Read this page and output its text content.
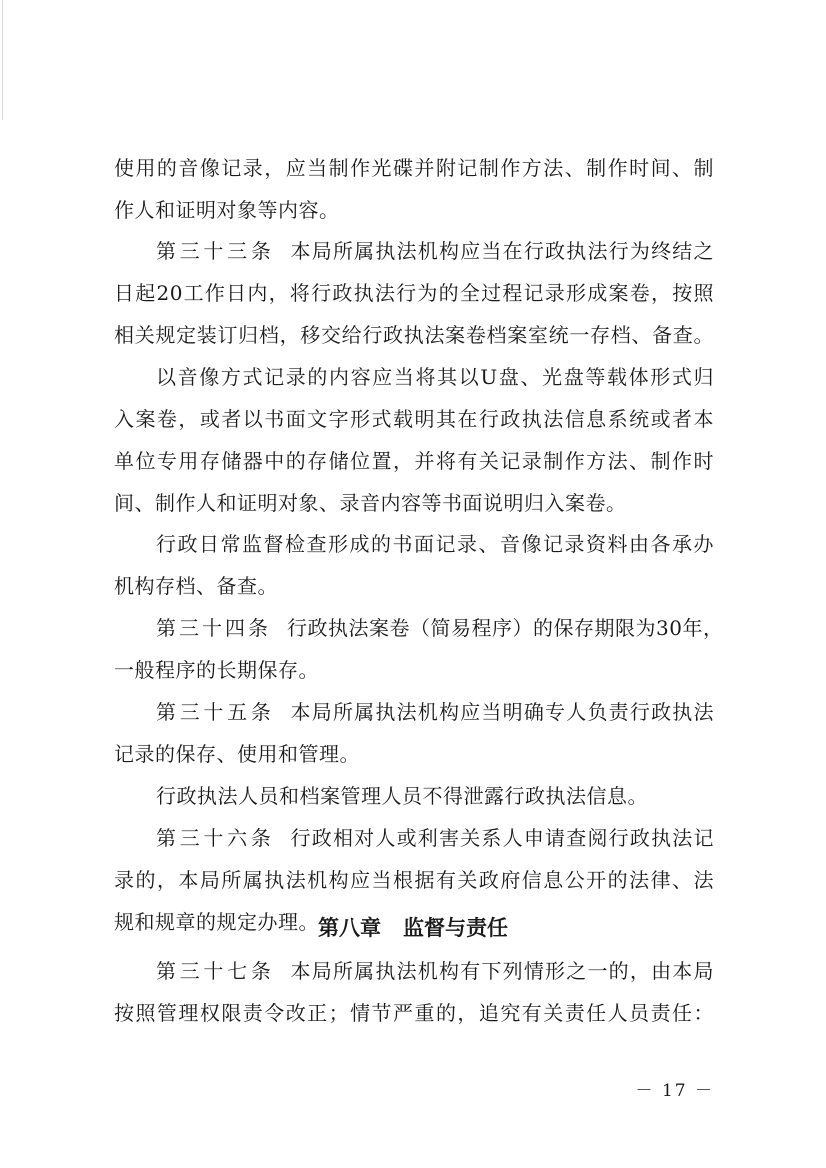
使用的音像记录，应当制作光碟并附记制作方法、制作时间、制
作人和证明对象等内容。
第三十三条 本局所属执法机构应当在行政执法行为终结之
日起20工作日内，将行政执法行为的全过程记录形成案卷，按照
相关规定装订归档，移交给行政执法案卷档案室统一存档、备查。
以音像方式记录的内容应当将其以U盘、光盘等载体形式归
入案卷，或者以书面文字形式载明其在行政执法信息系统或者本
单位专用存储器中的存储位置，并将有关记录制作方法、制作时
间、制作人和证明对象、录音内容等书面说明归入案卷。
行政日常监督检查形成的书面记录、音像记录资料由各承办
机构存档、备查。
第三十四条 行政执法案卷（简易程序）的保存期限为30年，
一般程序的长期保存。
第三十五条 本局所属执法机构应当明确专人负责行政执法
记录的保存、使用和管理。
行政执法人员和档案管理人员不得泄露行政执法信息。
第三十六条 行政相对人或利害关系人申请查阅行政执法记
录的，本局所属执法机构应当根据有关政府信息公开的法律、法
规和规章的规定办理。 第八章 监督与责任
第三十七条 本局所属执法机构有下列情形之一的，由本局
按照管理权限责令改正；情节严重的，追究有关责任人员责任：
－ 17 －
